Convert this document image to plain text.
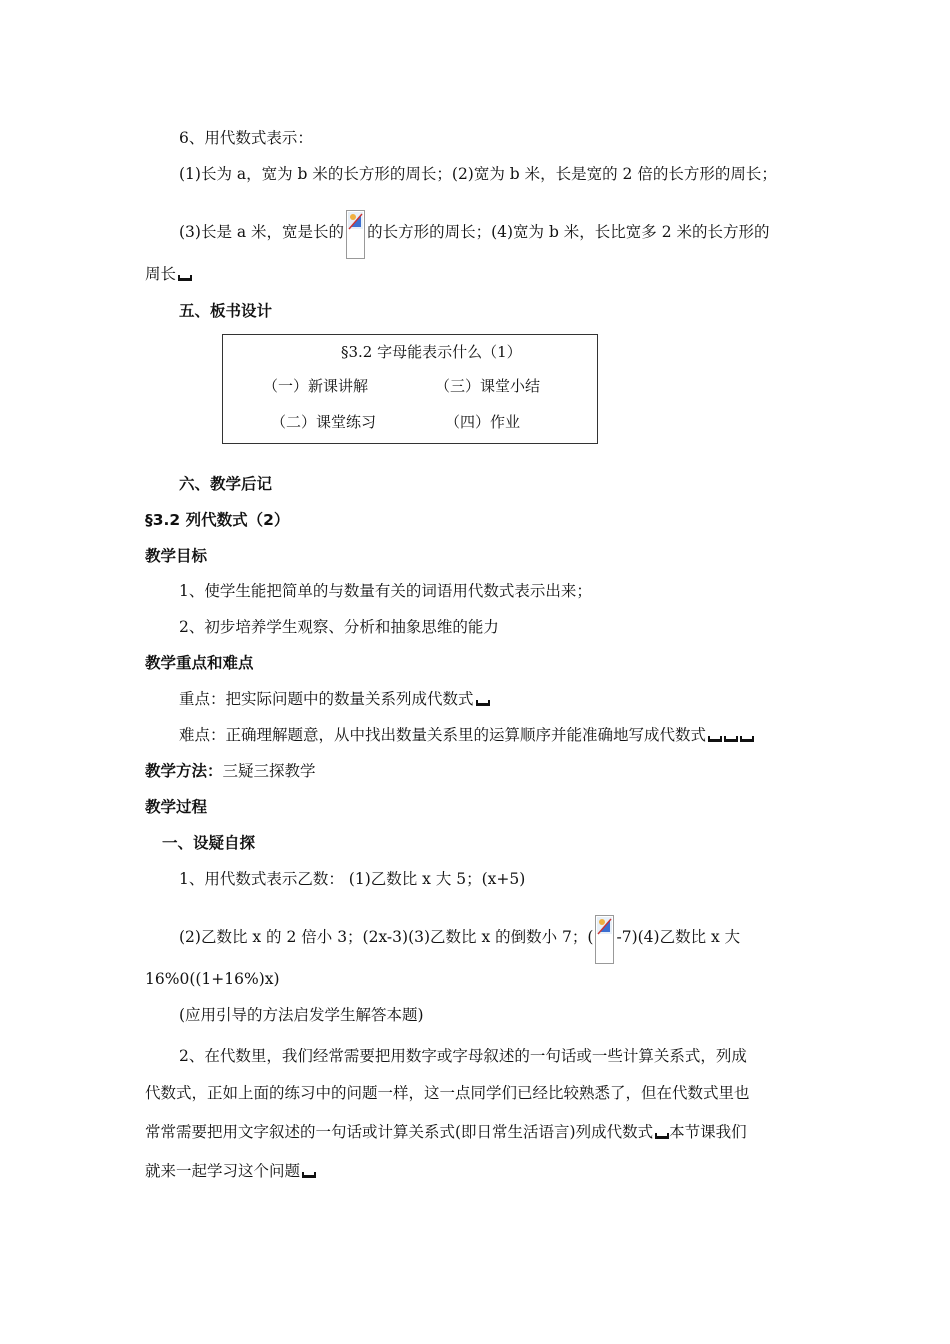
6、用代数式表示：
(1)长为 a，宽为 b 米的长方形的周长；(2)宽为 b 米，长是宽的 2 倍的长方形的周长；
(3)长是 a 米，宽是长的 的长方形的周长；(4)宽为 b 米，长比宽多 2 米的长方形的
周长
五、板书设计
§3.2 字母能表示什么（1）
（一）新课讲解	（三）课堂小结
（二）课堂练习	（四）作业
六、教学后记
§3.2 列代数式（2）
教学目标
1、使学生能把简单的与数量有关的词语用代数式表示出来；
2、初步培养学生观察、分析和抽象思维的能力
教学重点和难点
重点：把实际问题中的数量关系列成代数式
难点：正确理解题意，从中找出数量关系里的运算顺序并能准确地写成代数式
教学方法：三疑三探教学
教学过程
一、设疑自探
1、用代数式表示乙数： (1)乙数比 x 大 5；(x+5)
(2)乙数比 x 的 2 倍小 3；(2x-3)(3)乙数比 x 的倒数小 7；( -7)(4)乙数比 x 大
16%0((1+16%)x)
(应用引导的方法启发学生解答本题)
2、在代数里，我们经常需要把用数字或字母叙述的一句话或一些计算关系式，列成
代数式，正如上面的练习中的问题一样，这一点同学们已经比较熟悉了，但在代数式里也
常常需要把用文字叙述的一句话或计算关系式(即日常生活语言)列成代数式 本节课我们
就来一起学习这个问题
